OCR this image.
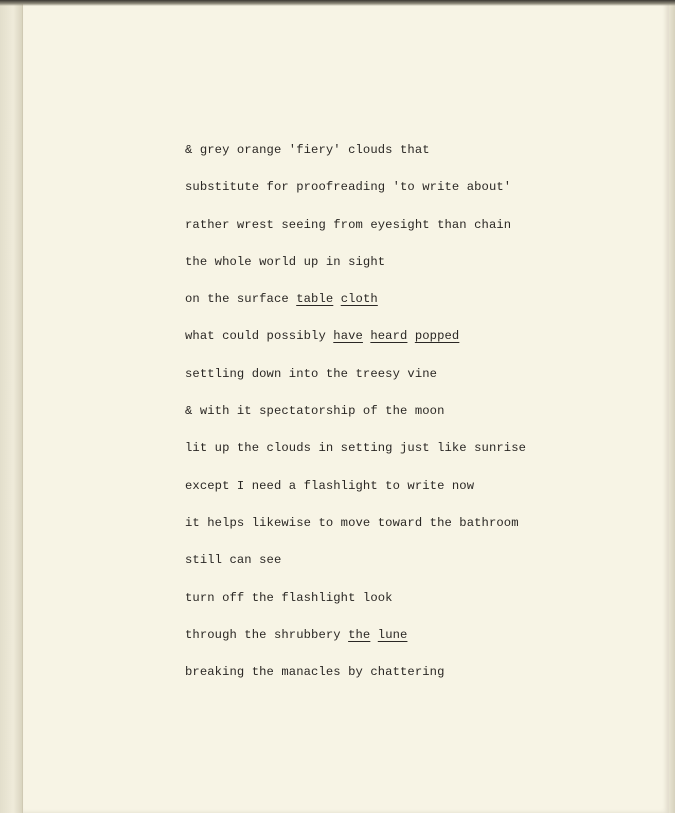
& grey orange 'fiery' clouds that
substitute for proofreading 'to write about'
rather wrest seeing from eyesight than chain
the whole world up in sight
on the surface table cloth
what could possibly have heard popped
settling down into the treesy vine
& with it spectatorship of the moon
lit up the clouds in setting just like sunrise
except I need a flashlight to write now
it helps likewise to move toward the bathroom
still can see
turn off the flashlight look
through the shrubbery the lune
breaking the manacles by chattering
